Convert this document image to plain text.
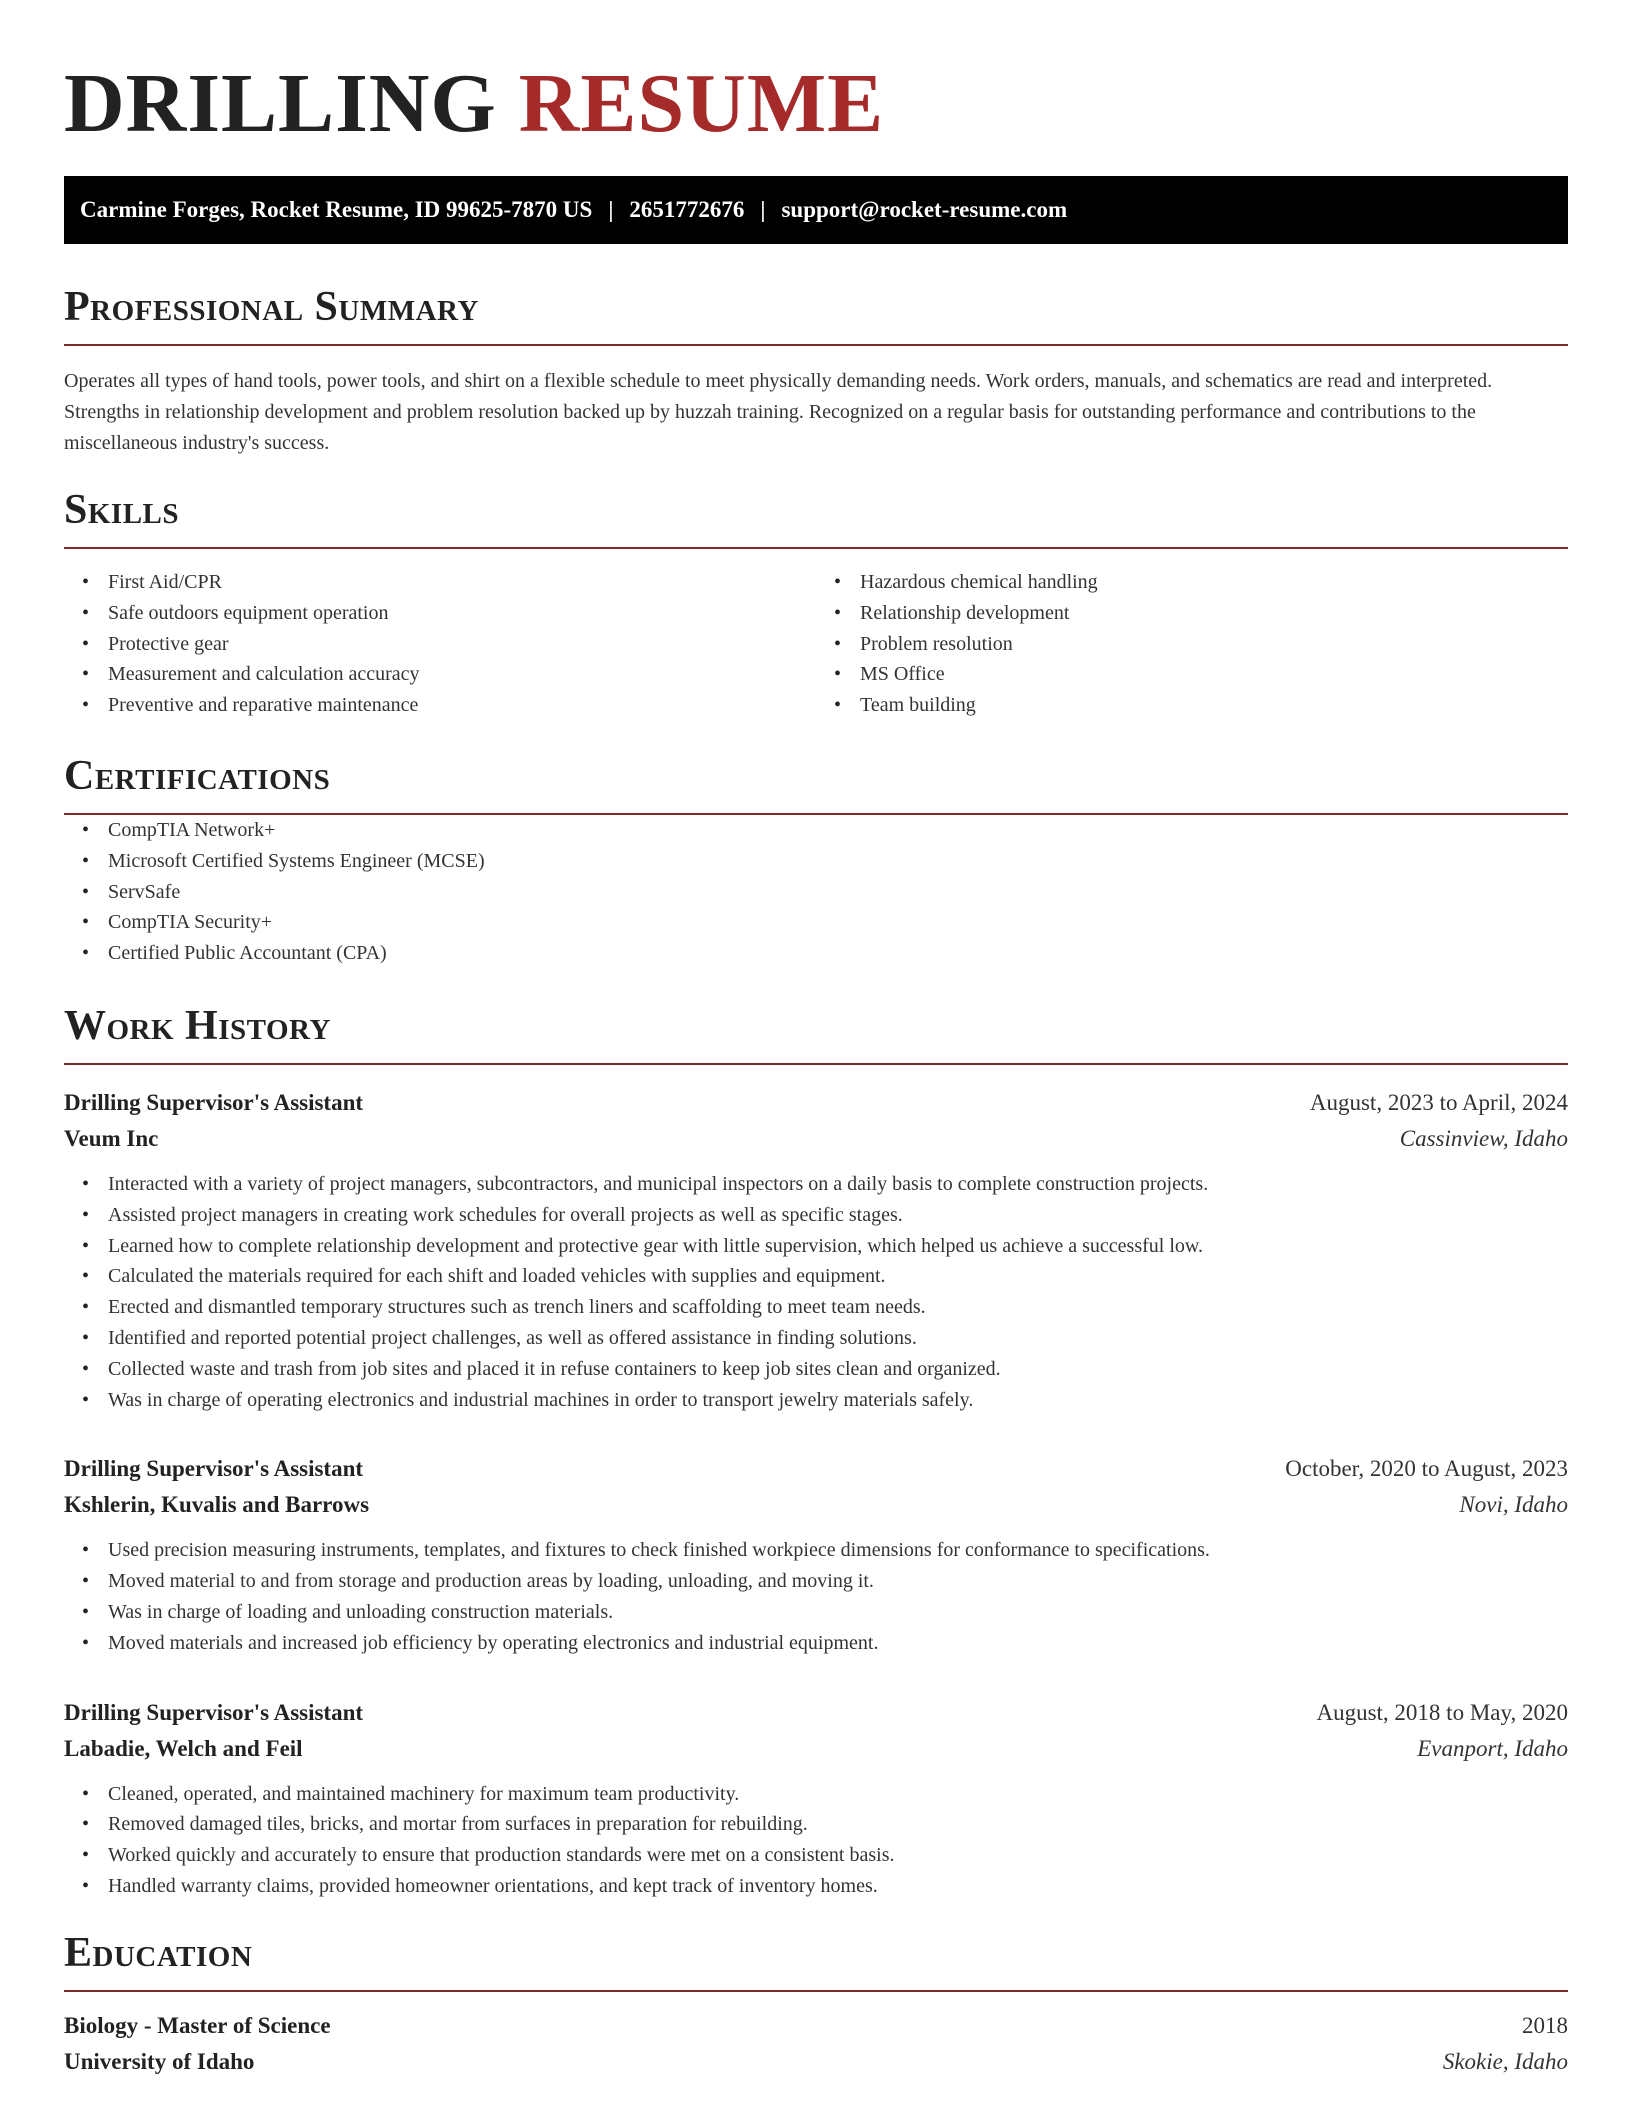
DRILLING RESUME
Carmine Forges, Rocket Resume, ID 99625-7870 US | 2651772676 | support@rocket-resume.com
Professional Summary

Operates all types of hand tools, power tools, and shirt on a flexible schedule to meet physically demanding needs. Work orders, manuals, and schematics are read and interpreted. Strengths in relationship development and problem resolution backed up by huzzah training. Recognized on a regular basis for outstanding performance and contributions to the miscellaneous industry's success.

Skills
• First Aid/CPR
• Safe outdoors equipment operation
• Protective gear
• Measurement and calculation accuracy
• Preventive and reparative maintenance
• Hazardous chemical handling
• Relationship development
• Problem resolution
• MS Office
• Team building
Certifications
• CompTIA Network+
• Microsoft Certified Systems Engineer (MCSE)
• ServSafe
• CompTIA Security+
• Certified Public Accountant (CPA)
Work History
Drilling Supervisor's Assistant	August, 2023 to April, 2024
Veum Inc	Cassinview, Idaho
• Interacted with a variety of project managers, subcontractors, and municipal inspectors on a daily basis to complete construction projects.
• Assisted project managers in creating work schedules for overall projects as well as specific stages.
• Learned how to complete relationship development and protective gear with little supervision, which helped us achieve a successful low.
• Calculated the materials required for each shift and loaded vehicles with supplies and equipment.
• Erected and dismantled temporary structures such as trench liners and scaffolding to meet team needs.
• Identified and reported potential project challenges, as well as offered assistance in finding solutions.
• Collected waste and trash from job sites and placed it in refuse containers to keep job sites clean and organized.
• Was in charge of operating electronics and industrial machines in order to transport jewelry materials safely.
Drilling Supervisor's Assistant	October, 2020 to August, 2023
Kshlerin, Kuvalis and Barrows	Novi, Idaho
• Used precision measuring instruments, templates, and fixtures to check finished workpiece dimensions for conformance to specifications.
• Moved material to and from storage and production areas by loading, unloading, and moving it.
• Was in charge of loading and unloading construction materials.
• Moved materials and increased job efficiency by operating electronics and industrial equipment.
Drilling Supervisor's Assistant	August, 2018 to May, 2020
Labadie, Welch and Feil	Evanport, Idaho
• Cleaned, operated, and maintained machinery for maximum team productivity.
• Removed damaged tiles, bricks, and mortar from surfaces in preparation for rebuilding.
• Worked quickly and accurately to ensure that production standards were met on a consistent basis.
• Handled warranty claims, provided homeowner orientations, and kept track of inventory homes.
Education
Biology - Master of Science	2018
University of Idaho	Skokie, Idaho
